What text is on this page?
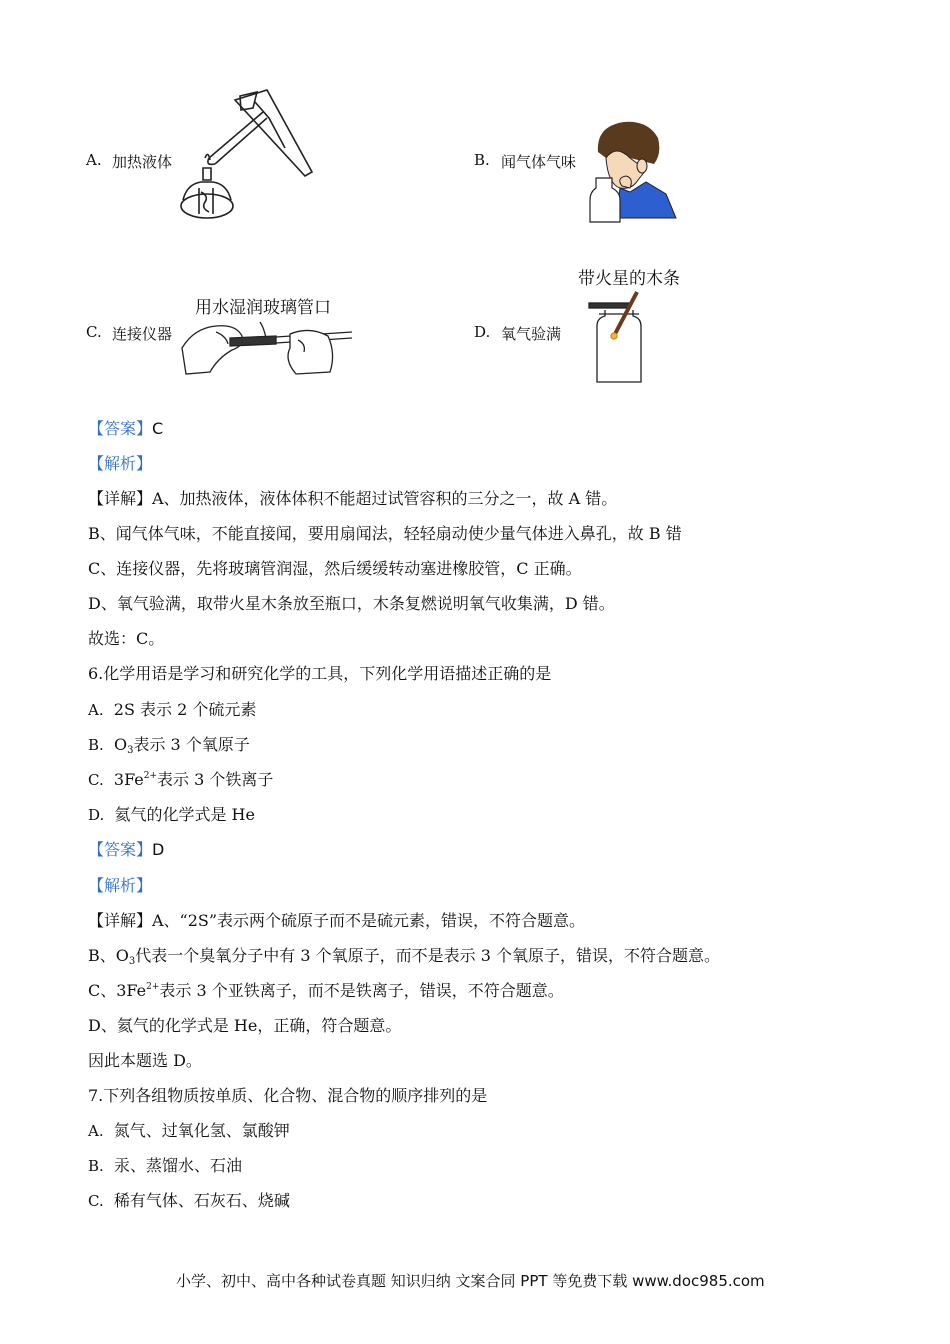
A. 加热液体	B. 闻气体气味
C. 连接仪器
用水湿润玻璃管口
D. 氧气验满
带火星的木条
【答案】C
【解析】
【详解】A、加热液体，液体体积不能超过试管容积的三分之一，故 A 错。
B、闻气体气味，不能直接闻，要用扇闻法，轻轻扇动使少量气体进入鼻孔，故 B 错
C、连接仪器，先将玻璃管润湿，然后缓缓转动塞进橡胶管，C 正确。
D、氧气验满，取带火星木条放至瓶口，木条复燃说明氧气收集满，D 错。
故选：C。
6.化学用语是学习和研究化学的工具，下列化学用语描述正确的是
A. 2S 表示 2 个硫元素
B. $O_3$表示 3 个氧原子
C. $3Fe^{2+}$表示 3 个铁离子
D. 氦气的化学式是 He
【答案】D
【解析】
【详解】A、“2S”表示两个硫原子而不是硫元素，错误，不符合题意。
B、$O_3$代表一个臭氧分子中有 3 个氧原子，而不是表示 3 个氧原子，错误，不符合题意。
C、$3Fe^{2+}$表示 3 个亚铁离子，而不是铁离子，错误，不符合题意。
D、氦气的化学式是 He，正确，符合题意。
因此本题选 D。
7.下列各组物质按单质、化合物、混合物的顺序排列的是
A. 氮气、过氧化氢、氯酸钾
B. 汞、蒸馏水、石油
C. 稀有气体、石灰石、烧碱
小学、初中、高中各种试卷真题 知识归纳 文案合同 PPT 等免费下载 www.doc985.com
